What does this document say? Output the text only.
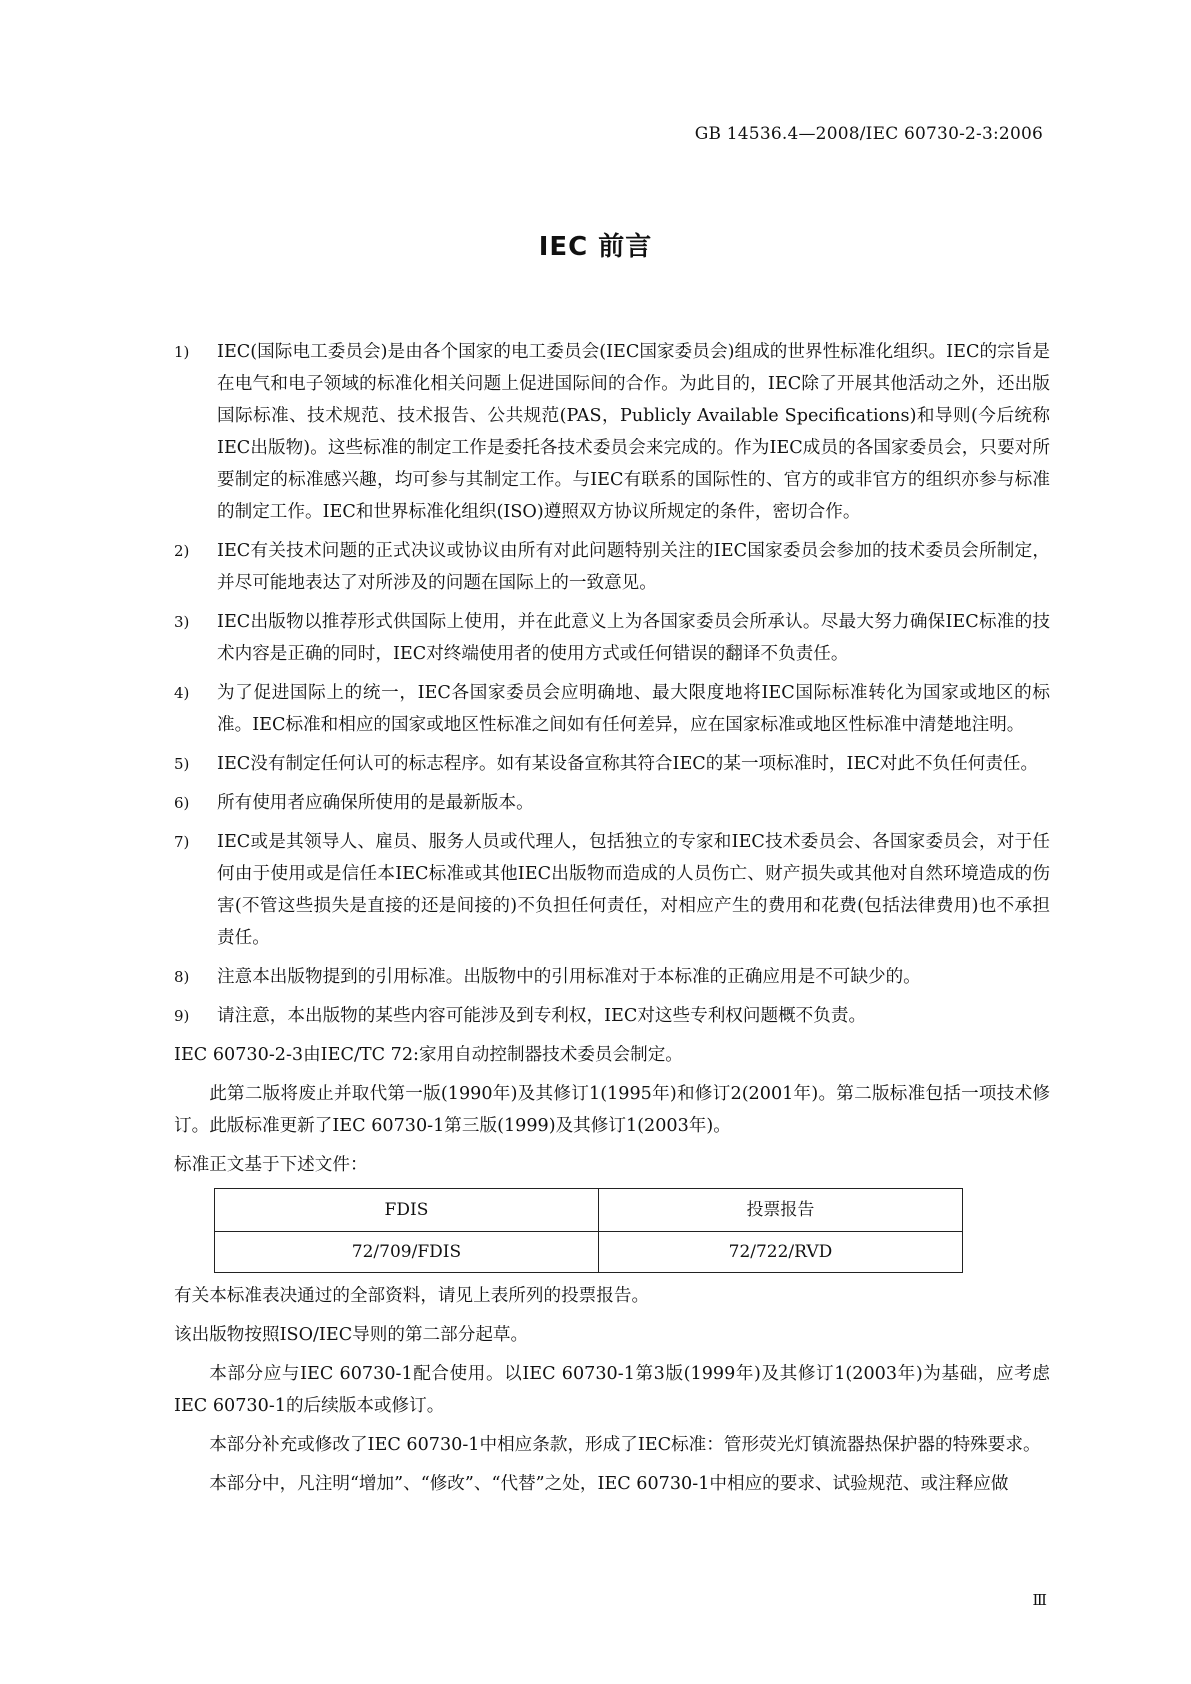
GB 14536.4—2008/IEC 60730-2-3:2006
IEC 前言
1) IEC(国际电工委员会)是由各个国家的电工委员会(IEC国家委员会)组成的世界性标准化组织。IEC的宗旨是在电气和电子领域的标准化相关问题上促进国际间的合作。为此目的，IEC除了开展其他活动之外，还出版国际标准、技术规范、技术报告、公共规范(PAS，Publicly Available Specifications)和导则(今后统称IEC出版物)。这些标准的制定工作是委托各技术委员会来完成的。作为IEC成员的各国家委员会，只要对所要制定的标准感兴趣，均可参与其制定工作。与IEC有联系的国际性的、官方的或非官方的组织亦参与标准的制定工作。IEC和世界标准化组织(ISO)遵照双方协议所规定的条件，密切合作。
2) IEC有关技术问题的正式决议或协议由所有对此问题特别关注的IEC国家委员会参加的技术委员会所制定，并尽可能地表达了对所涉及的问题在国际上的一致意见。
3) IEC出版物以推荐形式供国际上使用，并在此意义上为各国家委员会所承认。尽最大努力确保IEC标准的技术内容是正确的同时，IEC对终端使用者的使用方式或任何错误的翻译不负责任。
4) 为了促进国际上的统一，IEC各国家委员会应明确地、最大限度地将IEC国际标准转化为国家或地区的标准。IEC标准和相应的国家或地区性标准之间如有任何差异，应在国家标准或地区性标准中清楚地注明。
5) IEC没有制定任何认可的标志程序。如有某设备宣称其符合IEC的某一项标准时，IEC对此不负任何责任。
6) 所有使用者应确保所使用的是最新版本。
7) IEC或是其领导人、雇员、服务人员或代理人，包括独立的专家和IEC技术委员会、各国家委员会，对于任何由于使用或是信任本IEC标准或其他IEC出版物而造成的人员伤亡、财产损失或其他对自然环境造成的伤害(不管这些损失是直接的还是间接的)不负担任何责任，对相应产生的费用和花费(包括法律费用)也不承担责任。
8) 注意本出版物提到的引用标准。出版物中的引用标准对于本标准的正确应用是不可缺少的。
9) 请注意，本出版物的某些内容可能涉及到专利权，IEC对这些专利权问题概不负责。
IEC 60730-2-3由IEC/TC 72:家用自动控制器技术委员会制定。
此第二版将废止并取代第一版(1990年)及其修订1(1995年)和修订2(2001年)。第二版标准包括一项技术修订。此版标准更新了IEC 60730-1第三版(1999)及其修订1(2003年)。
标准正文基于下述文件：
FDIS	投票报告
72/709/FDIS	72/722/RVD
有关本标准表决通过的全部资料，请见上表所列的投票报告。
该出版物按照ISO/IEC导则的第二部分起草。
本部分应与IEC 60730-1配合使用。以IEC 60730-1第3版(1999年)及其修订1(2003年)为基础，应考虑IEC 60730-1的后续版本或修订。
本部分补充或修改了IEC 60730-1中相应条款，形成了IEC标准：管形荧光灯镇流器热保护器的特殊要求。
本部分中，凡注明“增加”、“修改”、“代替”之处，IEC 60730-1中相应的要求、试验规范、或注释应做
Ⅲ
